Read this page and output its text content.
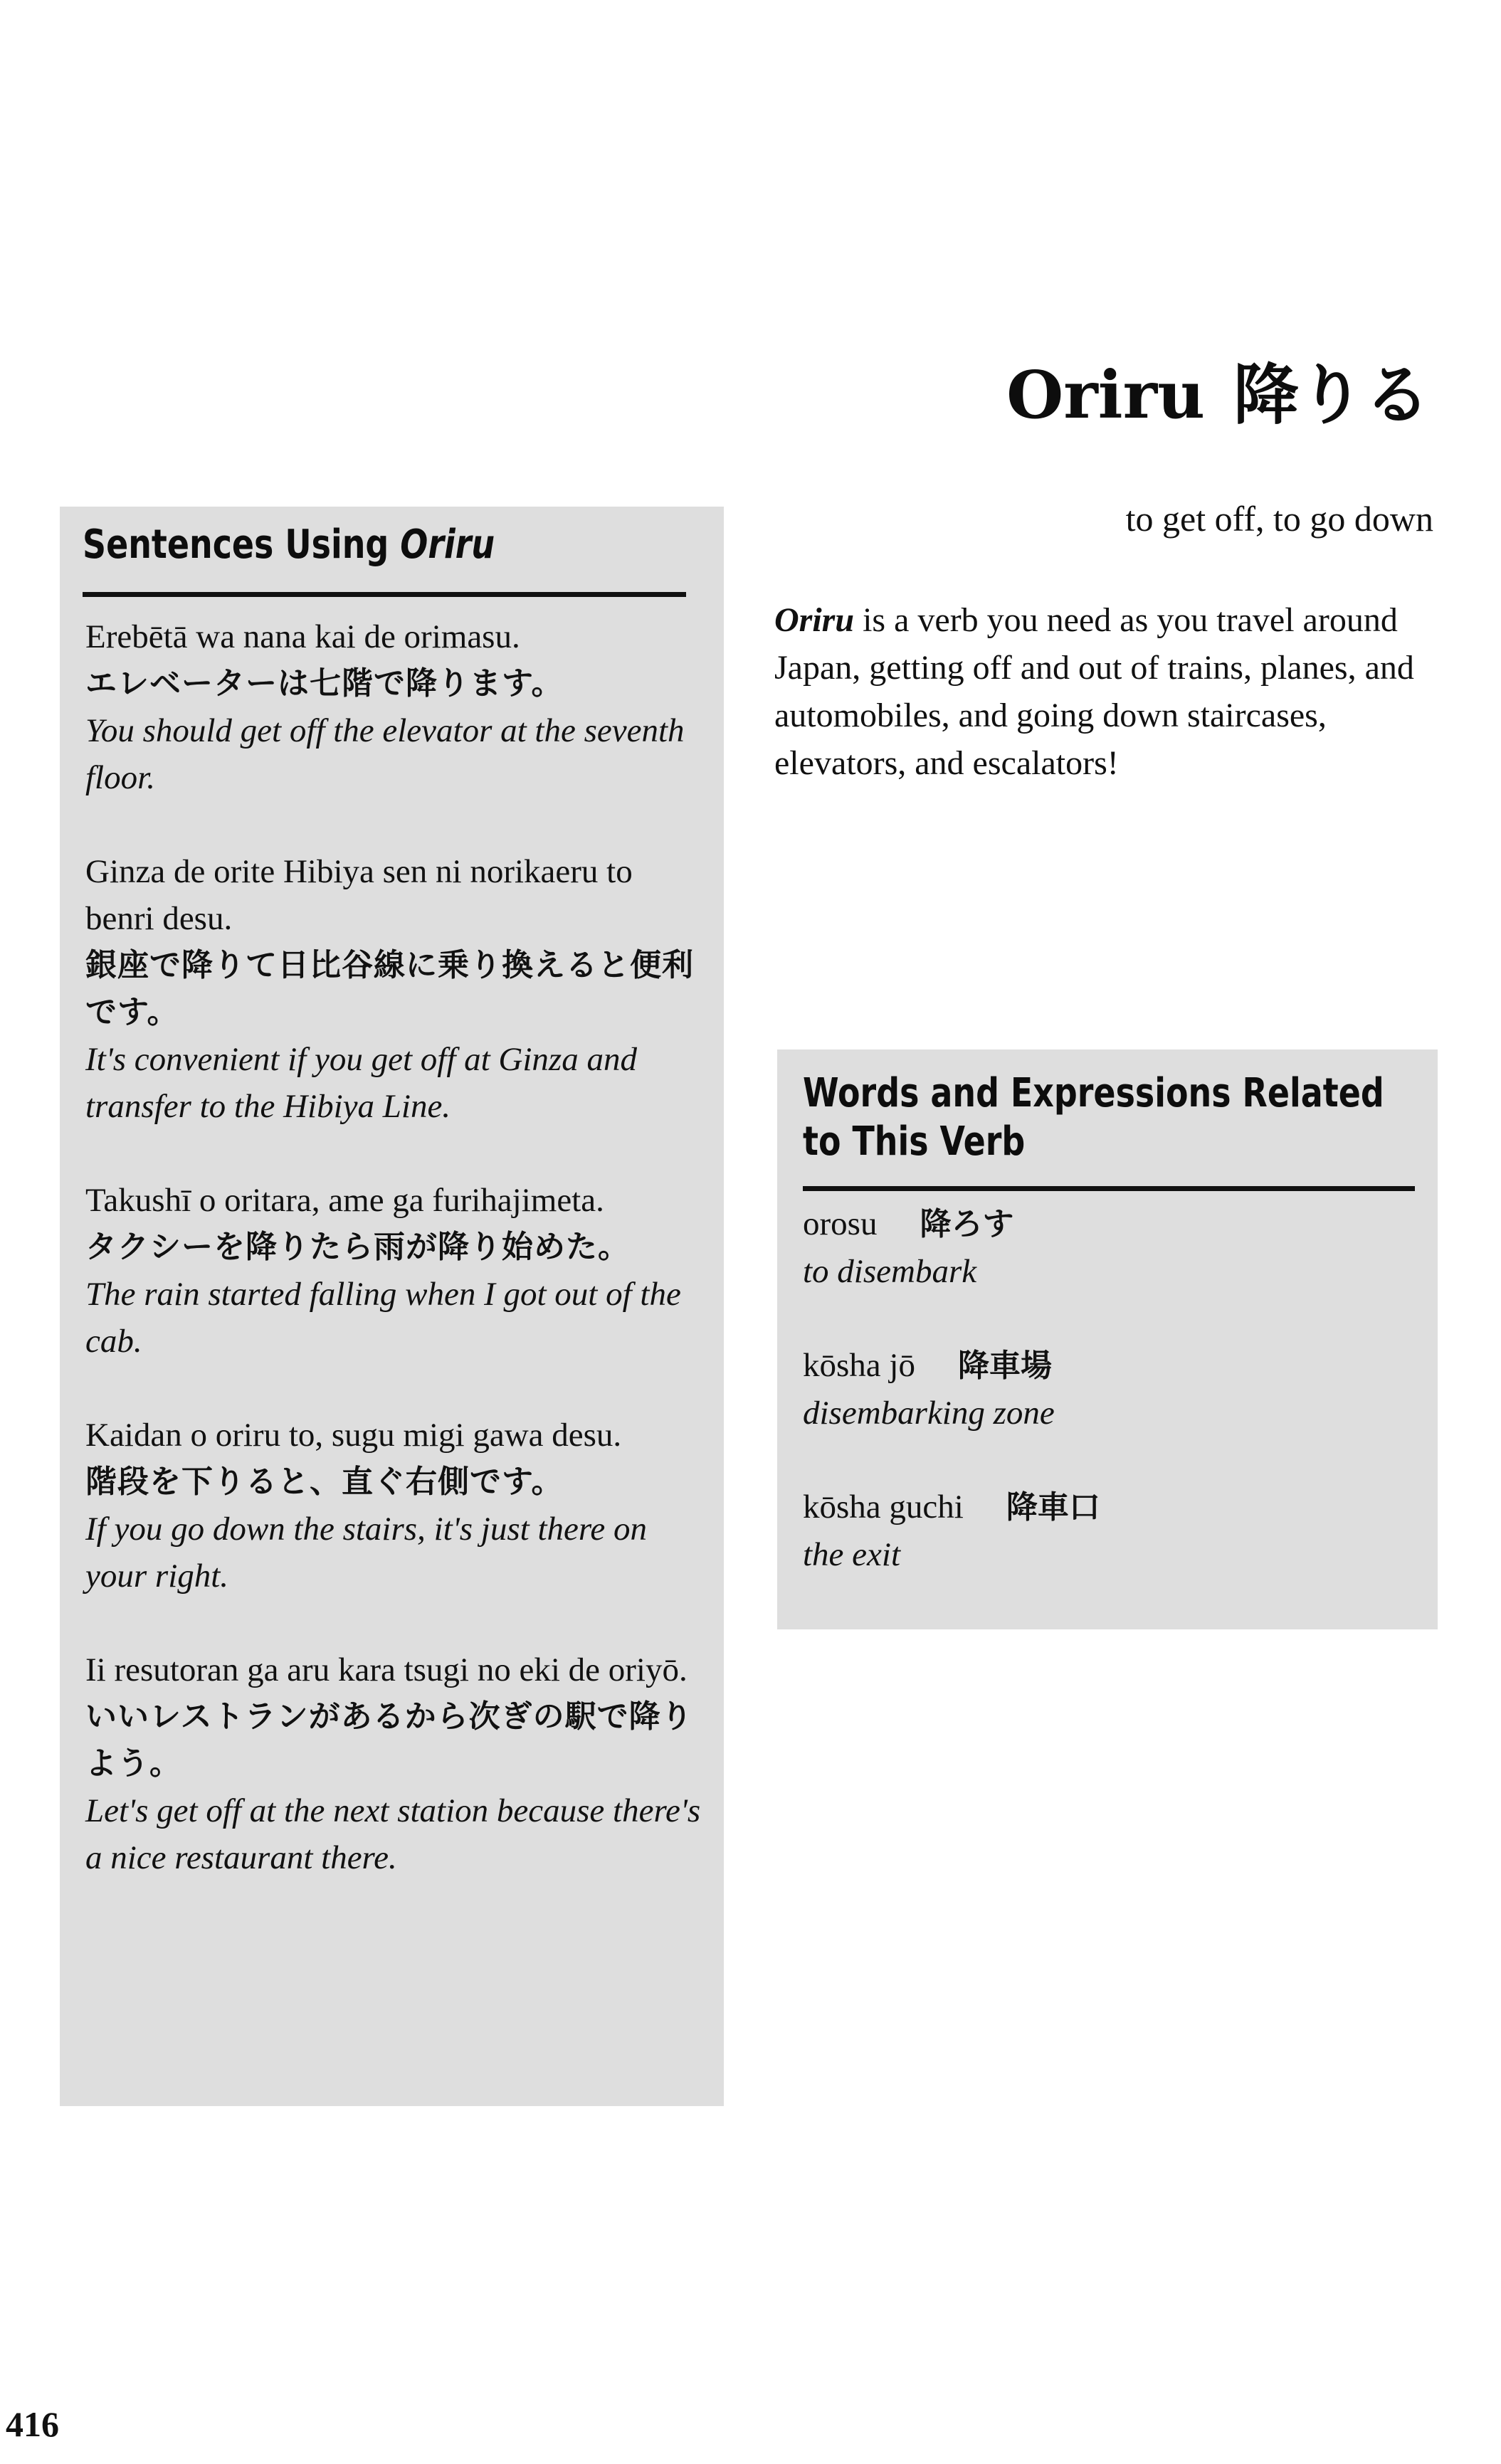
Oriru 降りる
to get off, to go down
Oriru is a verb you need as you travel around Japan, getting off and out of trains, planes, and automobiles, and going down staircases, elevators, and escalators!
Sentences Using Oriru
Erebētā wa nana kai de orimasu.
エレベーターは七階で降ります。
You should get off the elevator at the seventh floor.
Ginza de orite Hibiya sen ni norikaeru to benri desu.
銀座で降りて日比谷線に乗り換えると便利です。
It's convenient if you get off at Ginza and transfer to the Hibiya Line.
Takushī o oritara, ame ga furihajimeta.
タクシーを降りたら雨が降り始めた。
The rain started falling when I got out of the cab.
Kaidan o oriru to, sugu migi gawa desu.
階段を下りると、直ぐ右側です。
If you go down the stairs, it's just there on your right.
Ii resutoran ga aru kara tsugi no eki de oriyō.
いいレストランがあるから次ぎの駅で降りよう。
Let's get off at the next station because there's a nice restaurant there.
Words and Expressions Related to This Verb
orosu 降ろす
to disembark
kōsha jō 降車場
disembarking zone
kōsha guchi 降車口
the exit
416
